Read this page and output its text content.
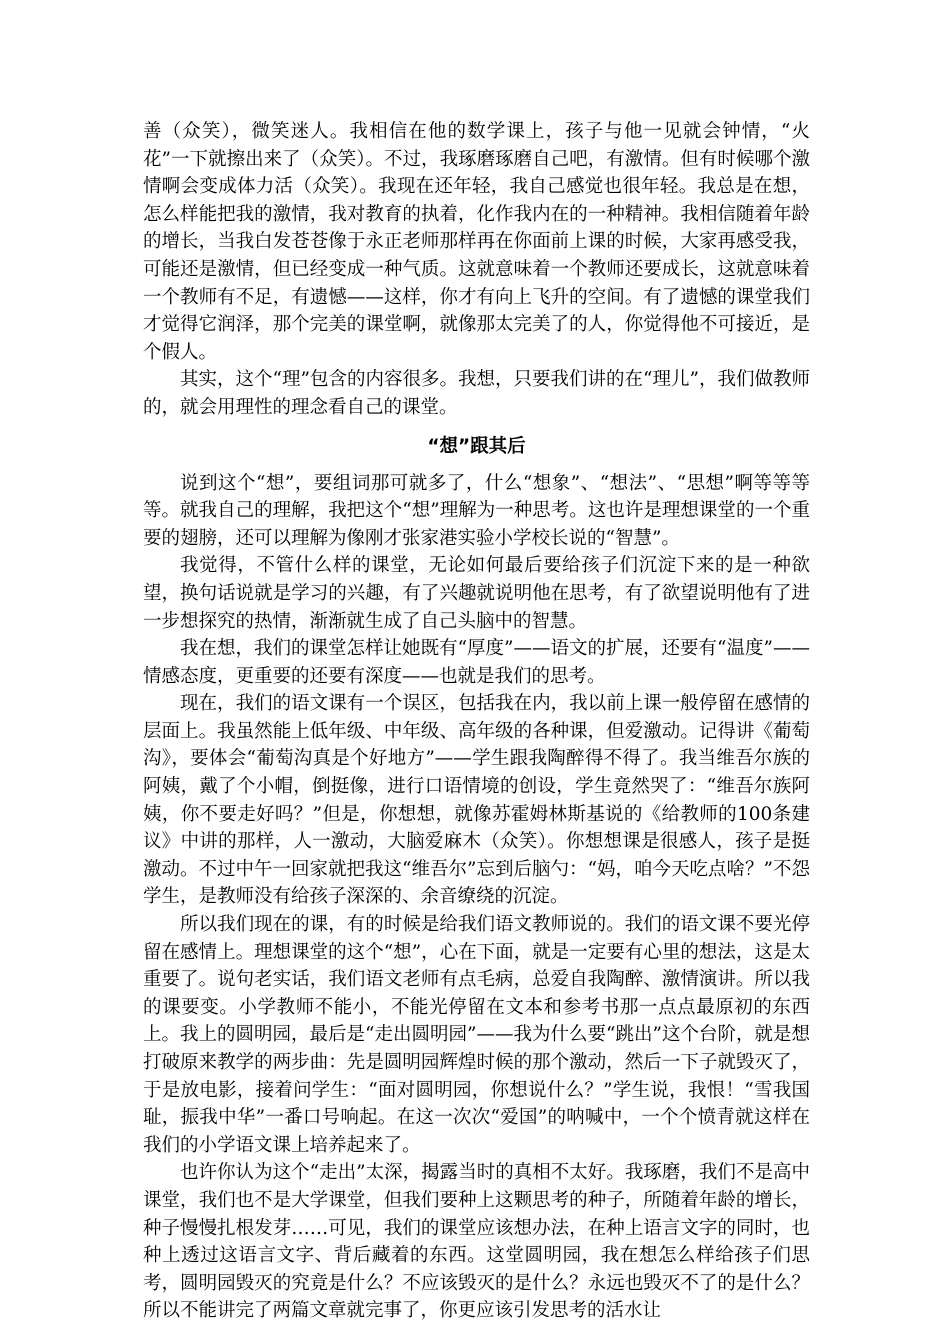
善（众笑），微笑迷人。我相信在他的数学课上，孩子与他一见就会钟情，“火花”一下就擦出来了（众笑）。不过，我琢磨琢磨自己吧，有激情。但有时候哪个激情啊会变成体力活（众笑）。我现在还年轻，我自己感觉也很年轻。我总是在想，怎么样能把我的激情，我对教育的执着，化作我内在的一种精神。我相信随着年龄的增长，当我白发苍苍像于永正老师那样再在你面前上课的时候，大家再感受我，可能还是激情，但已经变成一种气质。这就意味着一个教师还要成长，这就意味着一个教师有不足，有遗憾——这样，你才有向上飞升的空间。有了遗憾的课堂我们才觉得它润泽，那个完美的课堂啊，就像那太完美了的人，你觉得他不可接近，是个假人。

其实，这个“理”包含的内容很多。我想，只要我们讲的在“理儿”，我们做教师的，就会用理性的理念看自己的课堂。

“想”跟其后

说到这个“想”，要组词那可就多了，什么“想象”、“想法”、“思想”啊等等等等。就我自己的理解，我把这个“想”理解为一种思考。这也许是理想课堂的一个重要的翅膀，还可以理解为像刚才张家港实验小学校长说的“智慧”。

我觉得，不管什么样的课堂，无论如何最后要给孩子们沉淀下来的是一种欲望，换句话说就是学习的兴趣，有了兴趣就说明他在思考，有了欲望说明他有了进一步想探究的热情，渐渐就生成了自己头脑中的智慧。

我在想，我们的课堂怎样让她既有“厚度”——语文的扩展，还要有“温度”——情感态度，更重要的还要有深度——也就是我们的思考。

现在，我们的语文课有一个误区，包括我在内，我以前上课一般停留在感情的层面上。我虽然能上低年级、中年级、高年级的各种课，但爱激动。记得讲《葡萄沟》，要体会“葡萄沟真是个好地方”——学生跟我陶醉得不得了。我当维吾尔族的阿姨，戴了个小帽，倒挺像，进行口语情境的创设，学生竟然哭了：“维吾尔族阿姨，你不要走好吗？”但是，你想想，就像苏霍姆林斯基说的《给教师的100条建议》中讲的那样，人一激动，大脑爱麻木（众笑）。你想想课是很感人，孩子是挺激动。不过中午一回家就把我这“维吾尔”忘到后脑勺：“妈，咱今天吃点啥？”不怨学生，是教师没有给孩子深深的、余音缭绕的沉淀。

所以我们现在的课，有的时候是给我们语文教师说的。我们的语文课不要光停留在感情上。理想课堂的这个“想”，心在下面，就是一定要有心里的想法，这是太重要了。说句老实话，我们语文老师有点毛病，总爱自我陶醉、激情演讲。所以我的课要变。小学教师不能小，不能光停留在文本和参考书那一点点最原初的东西上。我上的圆明园，最后是“走出圆明园”——我为什么要“跳出”这个台阶，就是想打破原来教学的两步曲：先是圆明园辉煌时候的那个激动，然后一下子就毁灭了，于是放电影，接着问学生：“面对圆明园，你想说什么？”学生说，我恨！“雪我国耻，振我中华”一番口号响起。在这一次次“爱国”的呐喊中，一个个愤青就这样在我们的小学语文课上培养起来了。

也许你认为这个“走出”太深，揭露当时的真相不太好。我琢磨，我们不是高中课堂，我们也不是大学课堂，但我们要种上这颗思考的种子，所随着年龄的增长，种子慢慢扎根发芽……可见，我们的课堂应该想办法，在种上语言文字的同时，也种上透过这语言文字、背后藏着的东西。这堂圆明园，我在想怎么样给孩子们思考，圆明园毁灭的究竟是什么？不应该毁灭的是什么？永远也毁灭不了的是什么？所以不能讲完了两篇文章就完事了，你更应该引发思考的活水让
